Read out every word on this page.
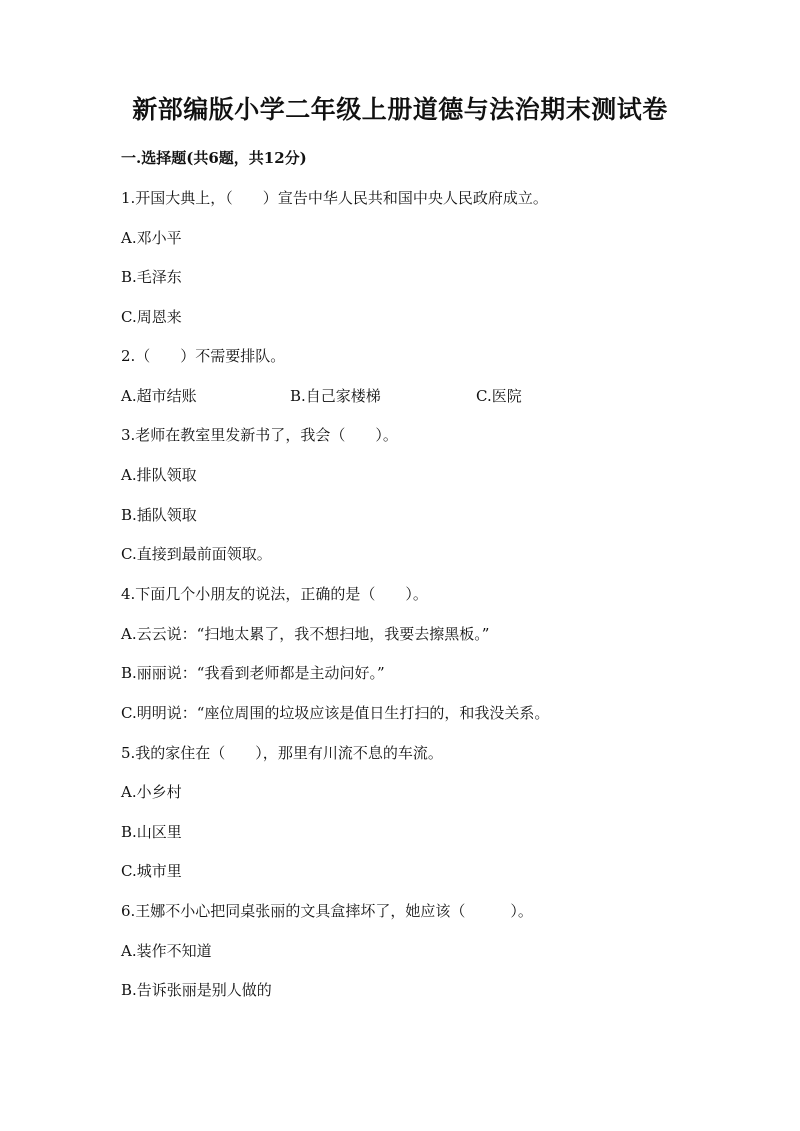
新部编版小学二年级上册道德与法治期末测试卷
一.选择题(共6题，共12分)
1.开国大典上，（　　）宣告中华人民共和国中央人民政府成立。
A.邓小平
B.毛泽东
C.周恩来
2.（　　）不需要排队。
A.超市结账	B.自己家楼梯	C.医院
3.老师在教室里发新书了，我会（　　）。
A.排队领取
B.插队领取
C.直接到最前面领取。
4.下面几个小朋友的说法，正确的是（　　）。
A.云云说：“扫地太累了，我不想扫地，我要去擦黑板。”
B.丽丽说：“我看到老师都是主动问好。”
C.明明说：“座位周围的垃圾应该是值日生打扫的，和我没关系。
5.我的家住在（　　），那里有川流不息的车流。
A.小乡村
B.山区里
C.城市里
6.王娜不小心把同桌张丽的文具盒摔坏了，她应该（　　　）。
A.装作不知道
B.告诉张丽是别人做的
